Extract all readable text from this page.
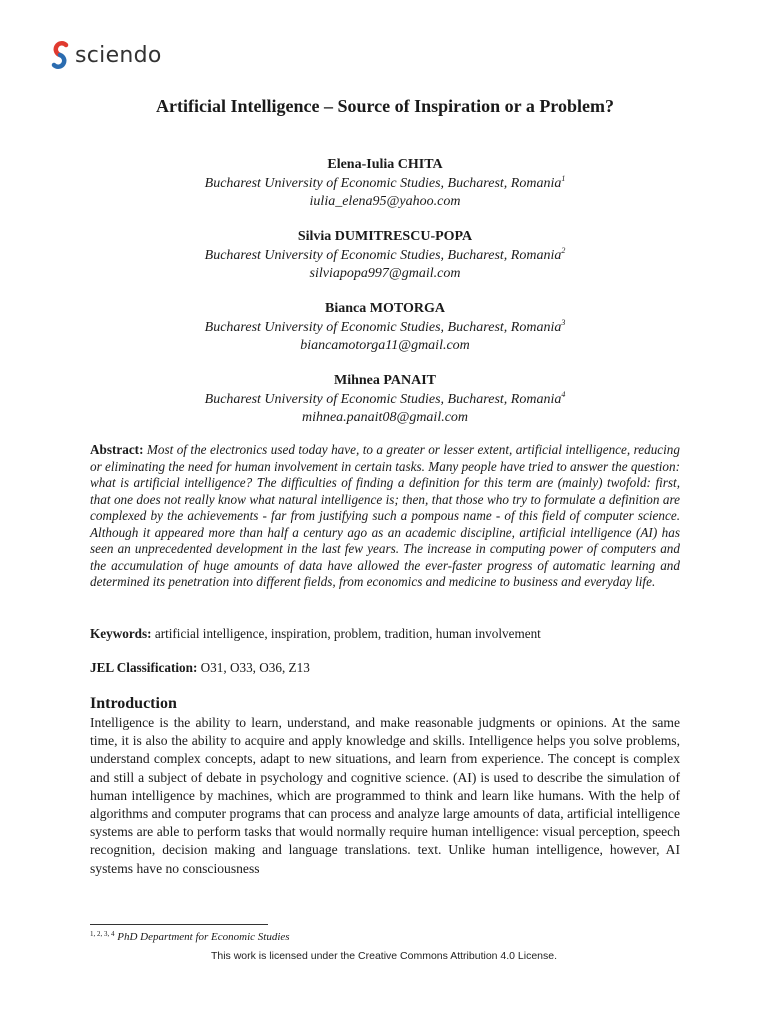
sciendo
Artificial Intelligence – Source of Inspiration or a Problem?
Elena-Iulia CHITA
Bucharest University of Economic Studies, Bucharest, Romania$^1$
iulia_elena95@yahoo.com
Silvia DUMITRESCU-POPA
Bucharest University of Economic Studies, Bucharest, Romania$^2$
silviapopa997@gmail.com
Bianca MOTORGA
Bucharest University of Economic Studies, Bucharest, Romania$^3$
biancamotorga11@gmail.com
Mihnea PANAIT
Bucharest University of Economic Studies, Bucharest, Romania$^4$
mihnea.panait08@gmail.com

Abstract: Most of the electronics used today have, to a greater or lesser extent, artificial intelligence, reducing or eliminating the need for human involvement in certain tasks. Many people have tried to answer the question: what is artificial intelligence? The difficulties of finding a definition for this term are (mainly) twofold: first, that one does not really know what natural intelligence is; then, that those who try to formulate a definition are complexed by the achievements - far from justifying such a pompous name - of this field of computer science. Although it appeared more than half a century ago as an academic discipline, artificial intelligence (AI) has seen an unprecedented development in the last few years. The increase in computing power of computers and the accumulation of huge amounts of data have allowed the ever-faster progress of automatic learning and determined its penetration into different fields, from economics and medicine to business and everyday life.

Keywords: artificial intelligence, inspiration, problem, tradition, human involvement
JEL Classification: O31, O33, O36, Z13
Introduction

Intelligence is the ability to learn, understand, and make reasonable judgments or opinions. At the same time, it is also the ability to acquire and apply knowledge and skills. Intelligence helps you solve problems, understand complex concepts, adapt to new situations, and learn from experience. The concept is complex and still a subject of debate in psychology and cognitive science. (AI) is used to describe the simulation of human intelligence by machines, which are programmed to think and learn like humans. With the help of algorithms and computer programs that can process and analyze large amounts of data, artificial intelligence systems are able to perform tasks that would normally require human intelligence: visual perception, speech recognition, decision making and language translations. text. Unlike human intelligence, however, AI systems have no consciousness

$^{1, 2, 3, 4}$ PhD Department for Economic Studies
This work is licensed under the Creative Commons Attribution 4.0 License.
